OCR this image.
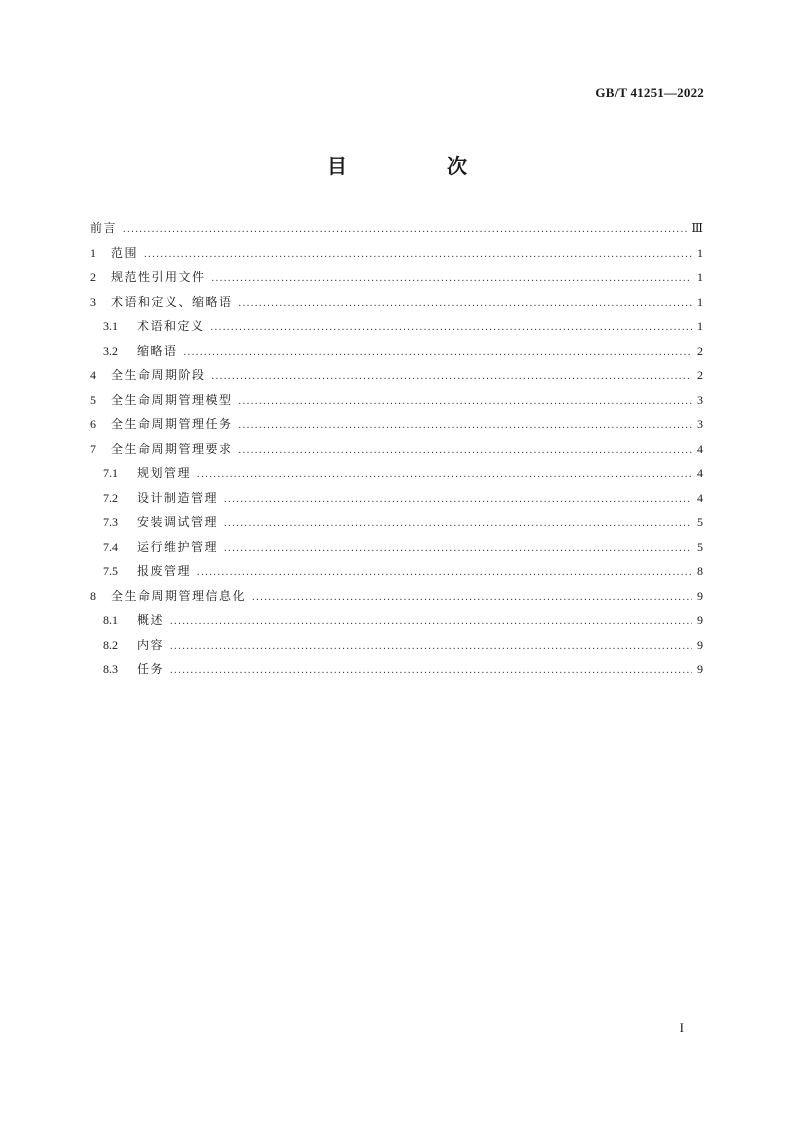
GB/T 41251—2022
目　次
前言 .....	Ⅲ
1	范围 .....	1
2	规范性引用文件 .....	1
3	术语和定义、缩略语 .....	1
3.1	术语和定义 .....	1
3.2	缩略语 .....	2
4	全生命周期阶段 .....	2
5	全生命周期管理模型 .....	3
6	全生命周期管理任务 .....	3
7	全生命周期管理要求 .....	4
7.1	规划管理 .....	4
7.2	设计制造管理 .....	4
7.3	安装调试管理 .....	5
7.4	运行维护管理 .....	5
7.5	报废管理 .....	8
8	全生命周期管理信息化 .....	9
8.1	概述 .....	9
8.2	内容 .....	9
8.3	任务 .....	9
I
